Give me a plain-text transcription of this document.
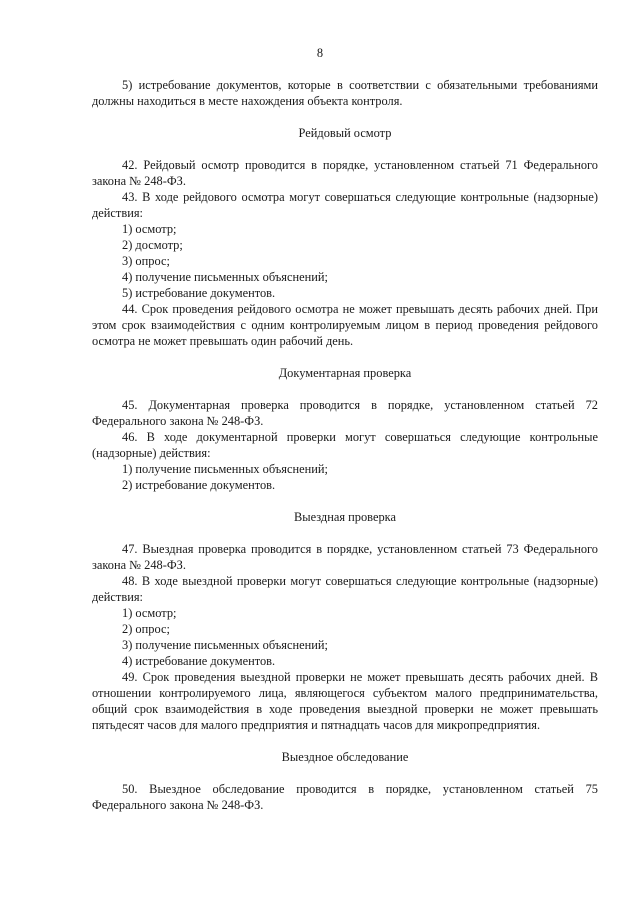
8

5) истребование документов, которые в соответствии с обязательными требованиями должны находиться в месте нахождения объекта контроля.

Рейдовый осмотр

42. Рейдовый осмотр проводится в порядке, установленном статьей 71 Федерального закона № 248-ФЗ.

43. В ходе рейдового осмотра могут совершаться следующие контрольные (надзорные) действия:

1) осмотр;

2) досмотр;

3) опрос;

4) получение письменных объяснений;

5) истребование документов.

44. Срок проведения рейдового осмотра не может превышать десять рабочих дней. При этом срок взаимодействия с одним контролируемым лицом в период проведения рейдового осмотра не может превышать один рабочий день.

Документарная проверка

45. Документарная проверка проводится в порядке, установленном статьей 72 Федерального закона № 248-ФЗ.

46. В ходе документарной проверки могут совершаться следующие контрольные (надзорные) действия:

1) получение письменных объяснений;

2) истребование документов.

Выездная проверка

47. Выездная проверка проводится в порядке, установленном статьей 73 Федерального закона № 248-ФЗ.

48. В ходе выездной проверки могут совершаться следующие контрольные (надзорные) действия:

1) осмотр;

2) опрос;

3) получение письменных объяснений;

4) истребование документов.

49. Срок проведения выездной проверки не может превышать десять рабочих дней. В отношении контролируемого лица, являющегося субъектом малого предпринимательства, общий срок взаимодействия в ходе проведения выездной проверки не может превышать пятьдесят часов для малого предприятия и пятнадцать часов для микропредприятия.

Выездное обследование

50. Выездное обследование проводится в порядке, установленном статьей 75 Федерального закона № 248-ФЗ.
